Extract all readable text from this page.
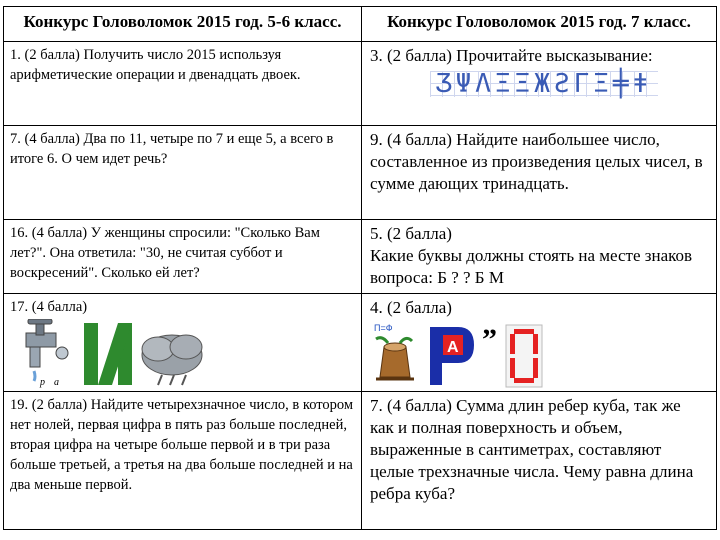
Конкурс Головоломок 2015 год. 5-6 класс.	Конкурс Головоломок 2015 год. 7 класс.
1. (2 балла) Получить число 2015 используя арифметические операции и двенадцать двоек.
3. (2 балла) Прочитайте высказывание:
ƷΨΛΞΞЖƧΓΞ╪ǂ
7. (4 балла) Два по 11, четыре по 7 и еще 5, а всего в итоге 6. О чем идет речь?
9. (4 балла) Найдите наибольшее число, составленное из произведения целых чисел, в сумме дающих тринадцать.
16. (4 балла) У женщины спросили: "Сколько Вам лет?". Она ответила: "30, не считая суббот и воскресений". Сколько ей лет?
5. (2 балла)
Какие буквы должны стоять на месте знаков
вопроса: Б ? ? Б М
17. (4 балла)
р а
4. (2 балла)
П=Ф
А ”
0
19. (2 балла) Найдите четырехзначное число, в котором нет нолей, первая цифра в пять раз больше последней, вторая цифра на четыре больше первой и в три раза больше третьей, а третья на два больше последней и на два меньше первой.
7. (4 балла) Сумма длин ребер куба, так же как и полная поверхность и объем, выраженные в сантиметрах, составляют целые трехзначные числа. Чему равна длина ребра куба?
